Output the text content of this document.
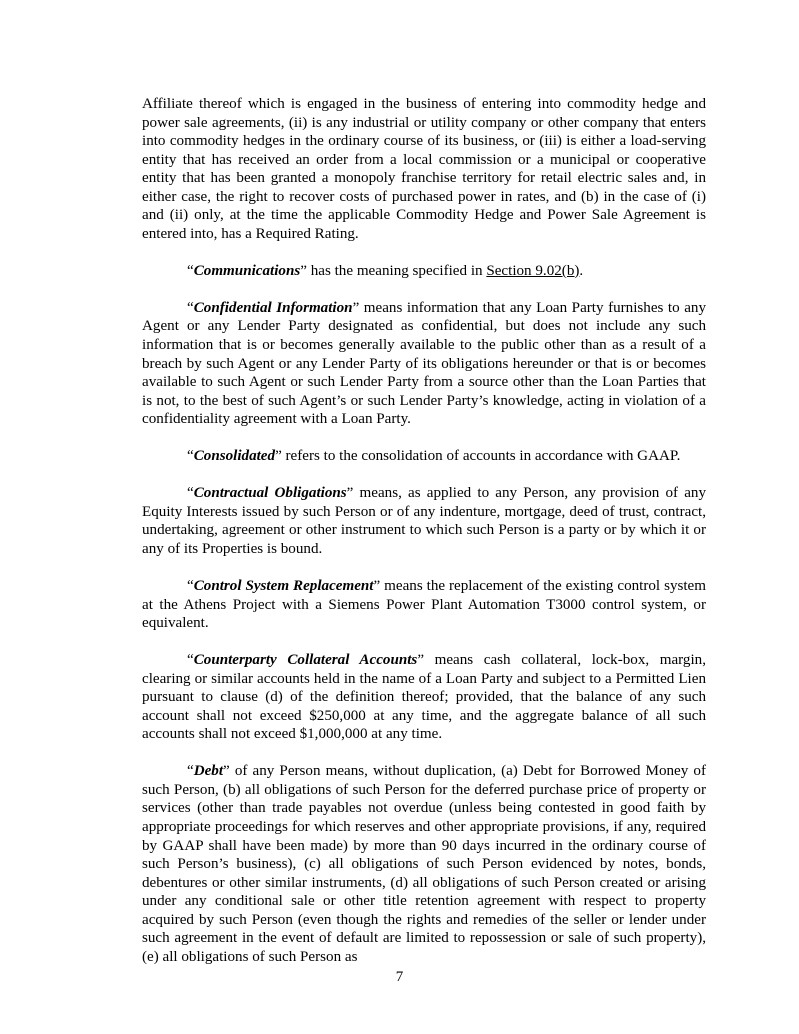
Affiliate thereof which is engaged in the business of entering into commodity hedge and power sale agreements, (ii) is any industrial or utility company or other company that enters into commodity hedges in the ordinary course of its business, or (iii) is either a load-serving entity that has received an order from a local commission or a municipal or cooperative entity that has been granted a monopoly franchise territory for retail electric sales and, in either case, the right to recover costs of purchased power in rates, and (b) in the case of (i) and (ii) only, at the time the applicable Commodity Hedge and Power Sale Agreement is entered into, has a Required Rating.

“Communications” has the meaning specified in Section 9.02(b).

“Confidential Information” means information that any Loan Party furnishes to any Agent or any Lender Party designated as confidential, but does not include any such information that is or becomes generally available to the public other than as a result of a breach by such Agent or any Lender Party of its obligations hereunder or that is or becomes available to such Agent or such Lender Party from a source other than the Loan Parties that is not, to the best of such Agent’s or such Lender Party’s knowledge, acting in violation of a confidentiality agreement with a Loan Party.

“Consolidated” refers to the consolidation of accounts in accordance with GAAP.

“Contractual Obligations” means, as applied to any Person, any provision of any Equity Interests issued by such Person or of any indenture, mortgage, deed of trust, contract, undertaking, agreement or other instrument to which such Person is a party or by which it or any of its Properties is bound.

“Control System Replacement” means the replacement of the existing control system at the Athens Project with a Siemens Power Plant Automation T3000 control system, or equivalent.

“Counterparty Collateral Accounts” means cash collateral, lock-box, margin, clearing or similar accounts held in the name of a Loan Party and subject to a Permitted Lien pursuant to clause (d) of the definition thereof; provided, that the balance of any such account shall not exceed $250,000 at any time, and the aggregate balance of all such accounts shall not exceed $1,000,000 at any time.

“Debt” of any Person means, without duplication, (a) Debt for Borrowed Money of such Person, (b) all obligations of such Person for the deferred purchase price of property or services (other than trade payables not overdue (unless being contested in good faith by appropriate proceedings for which reserves and other appropriate provisions, if any, required by GAAP shall have been made) by more than 90 days incurred in the ordinary course of such Person’s business), (c) all obligations of such Person evidenced by notes, bonds, debentures or other similar instruments, (d) all obligations of such Person created or arising under any conditional sale or other title retention agreement with respect to property acquired by such Person (even though the rights and remedies of the seller or lender under such agreement in the event of default are limited to repossession or sale of such property), (e) all obligations of such Person as

7
